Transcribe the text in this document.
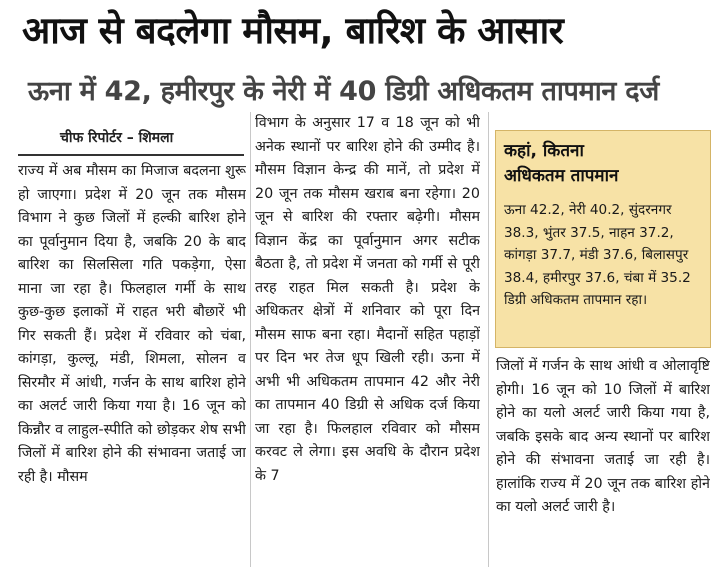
आज से बदलेगा मौसम, बारिश के आसार
ऊना में 42, हमीरपुर के नेरी में 40 डिग्री अधिकतम तापमान दर्ज
चीफ रिपोर्टर – शिमला

राज्य में अब मौसम का मिजाज बदलना शुरू हो जाएगा। प्रदेश में 20 जून तक मौसम विभाग ने कुछ जिलों में हल्की बारिश होने का पूर्वानुमान दिया है, जबकि 20 के बाद बारिश का सिलसिला गति पकड़ेगा, ऐसा माना जा रहा है। फिलहाल गर्मी के साथ कुछ-कुछ इलाकों में राहत भरी बौछारें भी गिर सकती हैं। प्रदेश में रविवार को चंबा, कांगड़ा, कुल्लू, मंडी, शिमला, सोलन व सिरमौर में आंधी, गर्जन के साथ बारिश होने का अलर्ट जारी किया गया है। 16 जून को किन्नौर व लाहुल-स्पीति को छोड़कर शेष सभी जिलों में बारिश होने की संभावना जताई जा रही है। मौसम

विभाग के अनुसार 17 व 18 जून को भी अनेक स्थानों पर बारिश होने की उम्मीद है। मौसम विज्ञान केन्द्र की मानें, तो प्रदेश में 20 जून तक मौसम खराब बना रहेगा। 20 जून से बारिश की रफ्तार बढ़ेगी। मौसम विज्ञान केंद्र का पूर्वानुमान अगर सटीक बैठता है, तो प्रदेश में जनता को गर्मी से पूरी तरह राहत मिल सकती है। प्रदेश के अधिकतर क्षेत्रों में शनिवार को पूरा दिन मौसम साफ बना रहा। मैदानों सहित पहाड़ों पर दिन भर तेज धूप खिली रही। ऊना में अभी भी अधिकतम तापमान 42 और नेरी का तापमान 40 डिग्री से अधिक दर्ज किया जा रहा है। फिलहाल रविवार को मौसम करवट ले लेगा। इस अवधि के दौरान प्रदेश के 7

कहां, कितना
अधिकतम तापमान
ऊना 42.2, नेरी 40.2, सुंदरनगर 38.3, भुंतर 37.5, नाहन 37.2, कांगड़ा 37.7, मंडी 37.6, बिलासपुर 38.4, हमीरपुर 37.6, चंबा में 35.2 डिग्री अधिकतम तापमान रहा।

जिलों में गर्जन के साथ आंधी व ओलावृष्टि होगी। 16 जून को 10 जिलों में बारिश होने का यलो अलर्ट जारी किया गया है, जबकि इसके बाद अन्य स्थानों पर बारिश होने की संभावना जताई जा रही है। हालांकि राज्य में 20 जून तक बारिश होने का यलो अलर्ट जारी है।
